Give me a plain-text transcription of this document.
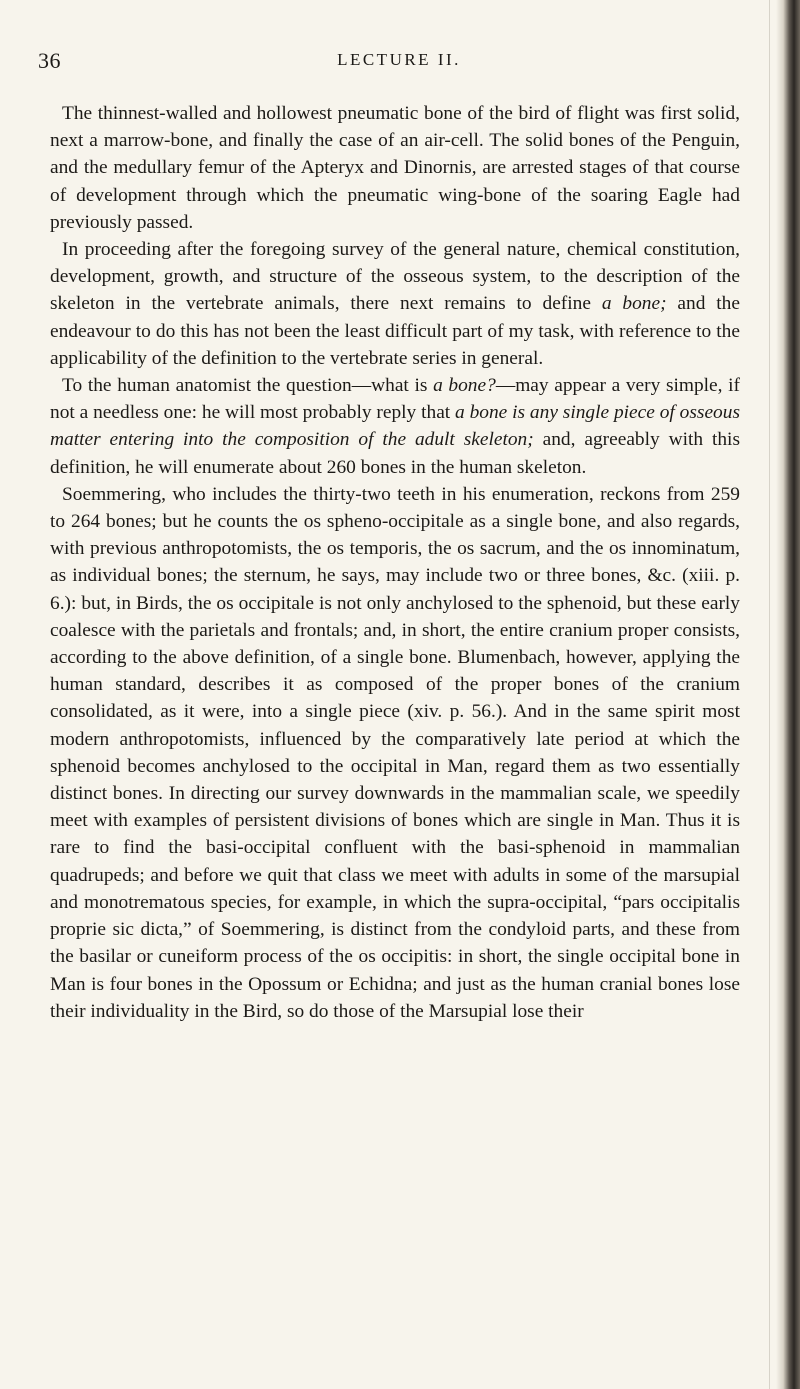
36	LECTURE II.

The thinnest-walled and hollowest pneumatic bone of the bird of flight was first solid, next a marrow-bone, and finally the case of an air-cell. The solid bones of the Penguin, and the medullary femur of the Apteryx and Dinornis, are arrested stages of that course of development through which the pneumatic wing-bone of the soaring Eagle had previously passed.

In proceeding after the foregoing survey of the general nature, chemical constitution, development, growth, and structure of the osseous system, to the description of the skeleton in the vertebrate animals, there next remains to define a bone; and the endeavour to do this has not been the least difficult part of my task, with reference to the applicability of the definition to the vertebrate series in general.

To the human anatomist the question—what is a bone?—may appear a very simple, if not a needless one: he will most probably reply that a bone is any single piece of osseous matter entering into the composition of the adult skeleton; and, agreeably with this definition, he will enumerate about 260 bones in the human skeleton.

Soemmering, who includes the thirty-two teeth in his enumeration, reckons from 259 to 264 bones; but he counts the os spheno-occipitale as a single bone, and also regards, with previous anthropotomists, the os temporis, the os sacrum, and the os innominatum, as individual bones; the sternum, he says, may include two or three bones, &c. (xiii. p. 6.): but, in Birds, the os occipitale is not only anchylosed to the sphenoid, but these early coalesce with the parietals and frontals; and, in short, the entire cranium proper consists, according to the above definition, of a single bone. Blumenbach, however, applying the human standard, describes it as composed of the proper bones of the cranium consolidated, as it were, into a single piece (xiv. p. 56.). And in the same spirit most modern anthropotomists, influenced by the comparatively late period at which the sphenoid becomes anchylosed to the occipital in Man, regard them as two essentially distinct bones. In directing our survey downwards in the mammalian scale, we speedily meet with examples of persistent divisions of bones which are single in Man. Thus it is rare to find the basi-occipital confluent with the basi-sphenoid in mammalian quadrupeds; and before we quit that class we meet with adults in some of the marsupial and monotrematous species, for example, in which the supra-occipital, “pars occipitalis proprie sic dicta,” of Soemmering, is distinct from the condyloid parts, and these from the basilar or cuneiform process of the os occipitis: in short, the single occipital bone in Man is four bones in the Opossum or Echidna; and just as the human cranial bones lose their individuality in the Bird, so do those of the Marsupial lose their
